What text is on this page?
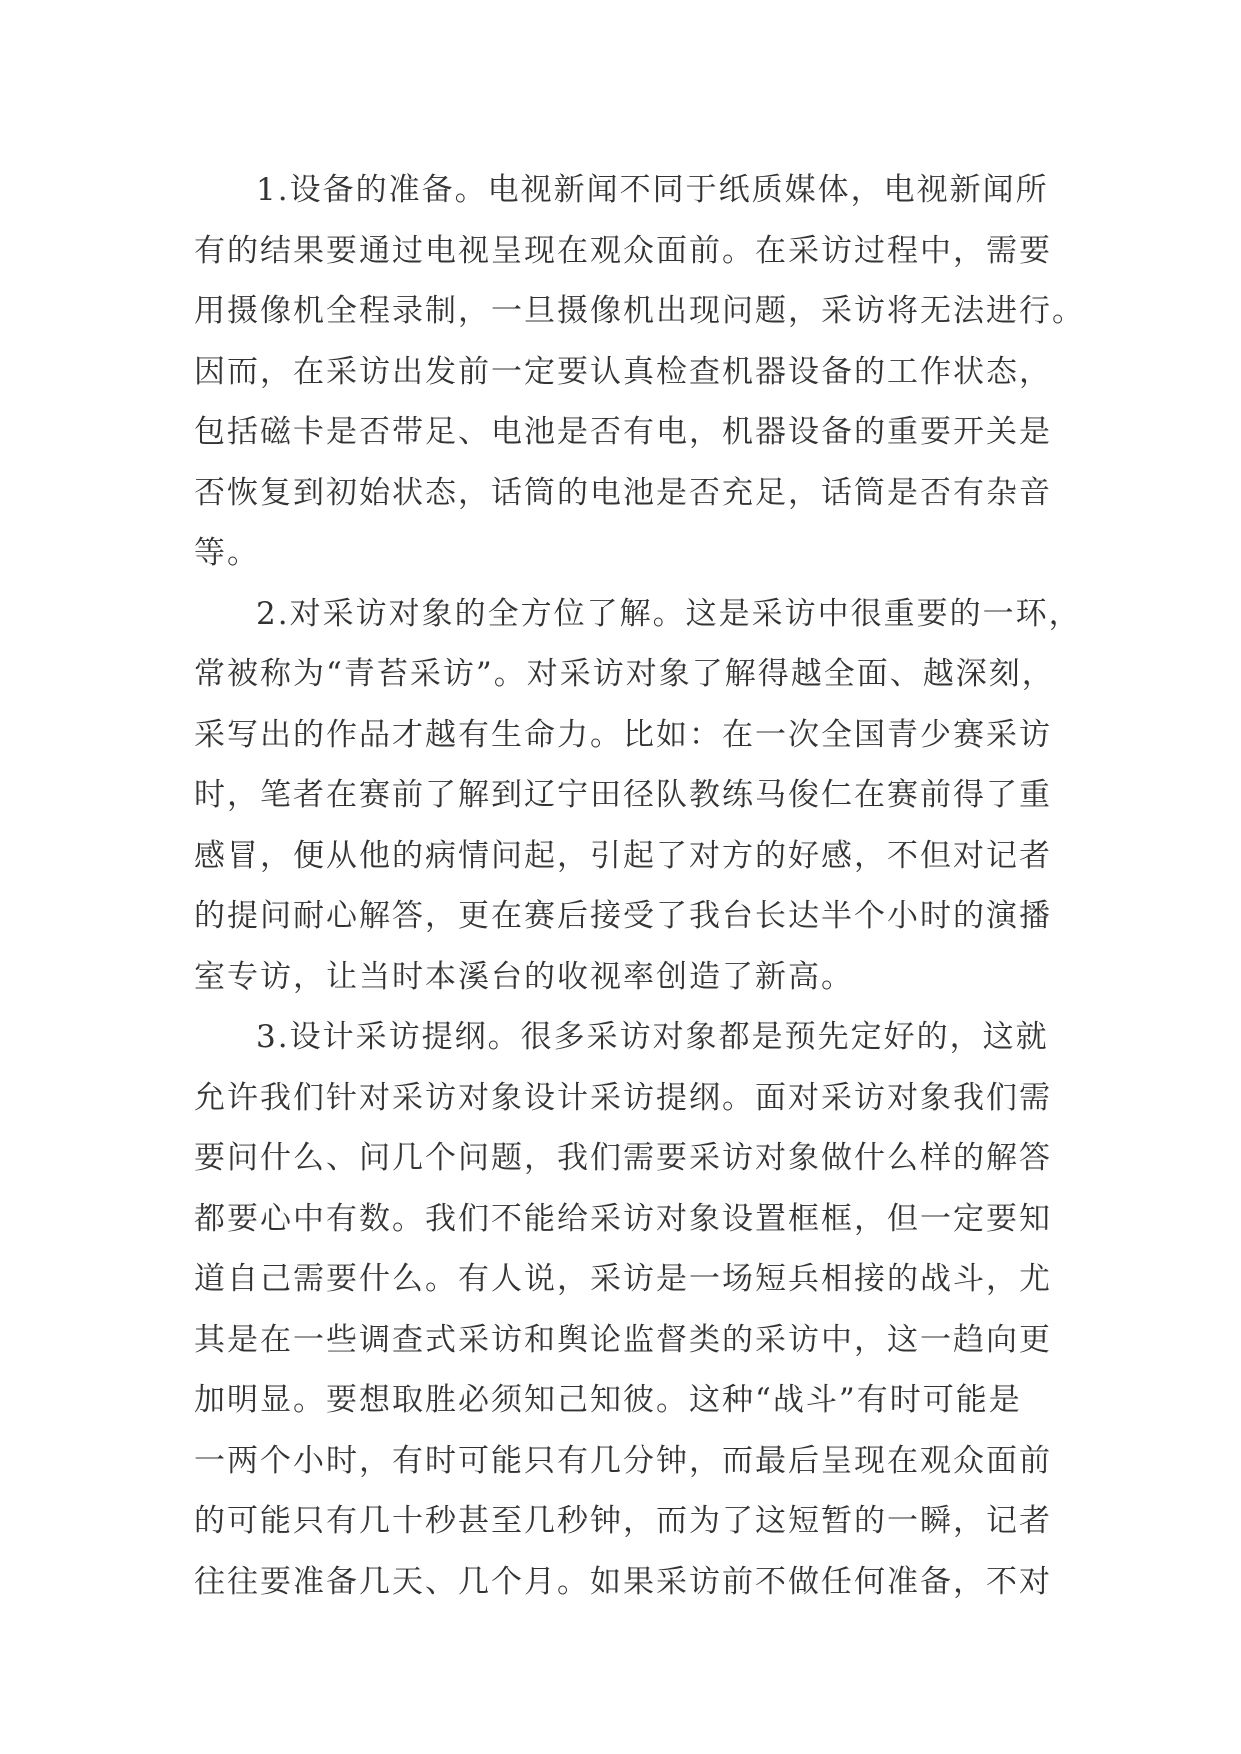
1.设备的准备。电视新闻不同于纸质媒体，电视新闻所
有的结果要通过电视呈现在观众面前。在采访过程中，需要
用摄像机全程录制，一旦摄像机出现问题，采访将无法进行。
因而，在采访出发前一定要认真检查机器设备的工作状态，
包括磁卡是否带足、电池是否有电，机器设备的重要开关是
否恢复到初始状态，话筒的电池是否充足，话筒是否有杂音
等。
2.对采访对象的全方位了解。这是采访中很重要的一环，
常被称为“青苔采访”。对采访对象了解得越全面、越深刻，
采写出的作品才越有生命力。比如：在一次全国青少赛采访
时，笔者在赛前了解到辽宁田径队教练马俊仁在赛前得了重
感冒，便从他的病情问起，引起了对方的好感，不但对记者
的提问耐心解答，更在赛后接受了我台长达半个小时的演播
室专访，让当时本溪台的收视率创造了新高。
3.设计采访提纲。很多采访对象都是预先定好的，这就
允许我们针对采访对象设计采访提纲。面对采访对象我们需
要问什么、问几个问题，我们需要采访对象做什么样的解答
都要心中有数。我们不能给采访对象设置框框，但一定要知
道自己需要什么。有人说，采访是一场短兵相接的战斗，尤
其是在一些调查式采访和舆论监督类的采访中，这一趋向更
加明显。要想取胜必须知己知彼。这种“战斗”有时可能是
一两个小时，有时可能只有几分钟，而最后呈现在观众面前
的可能只有几十秒甚至几秒钟，而为了这短暂的一瞬，记者
往往要准备几天、几个月。如果采访前不做任何准备，不对
